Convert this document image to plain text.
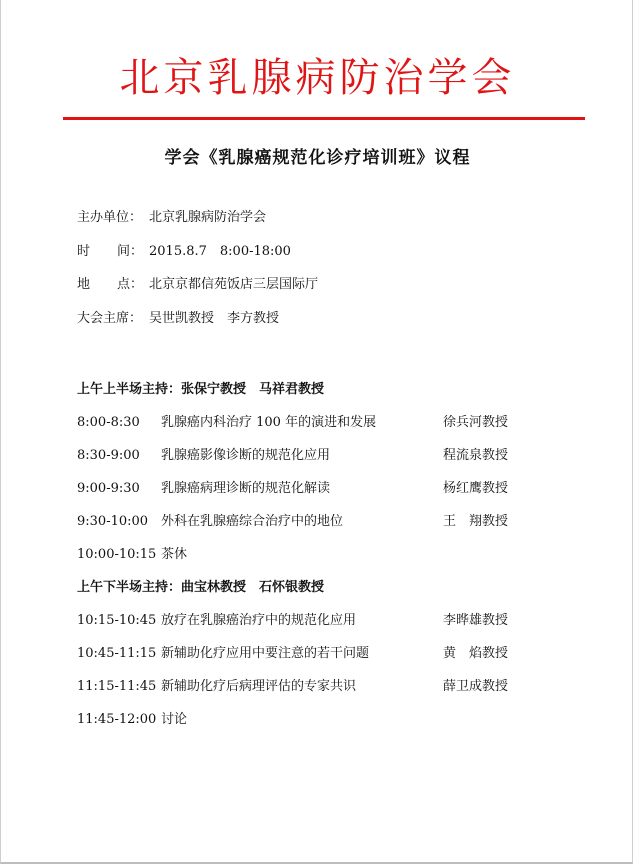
北京乳腺病防治学会
学会《乳腺癌规范化诊疗培训班》议程
主办单位： 北京乳腺病防治学会
时 间： 2015.8.7　8:00-18:00
地 点： 北京京都信苑饭店三层国际厅
大会主席： 吴世凯教授　李方教授
上午上半场主持：张保宁教授　马祥君教授
8:00-8:30	乳腺癌内科治疗 100 年的演进和发展	徐兵河教授
8:30-9:00	乳腺癌影像诊断的规范化应用	程流泉教授
9:00-9:30	乳腺癌病理诊断的规范化解读	杨红鹰教授
9:30-10:00 外科在乳腺癌综合治疗中的地位	王　翔教授
10:00-10:15 茶休
上午下半场主持：曲宝林教授　石怀银教授
10:15-10:45 放疗在乳腺癌治疗中的规范化应用	李晔雄教授
10:45-11:15 新辅助化疗应用中要注意的若干问题	黄　焰教授
11:15-11:45 新辅助化疗后病理评估的专家共识	薛卫成教授
11:45-12:00 讨论
